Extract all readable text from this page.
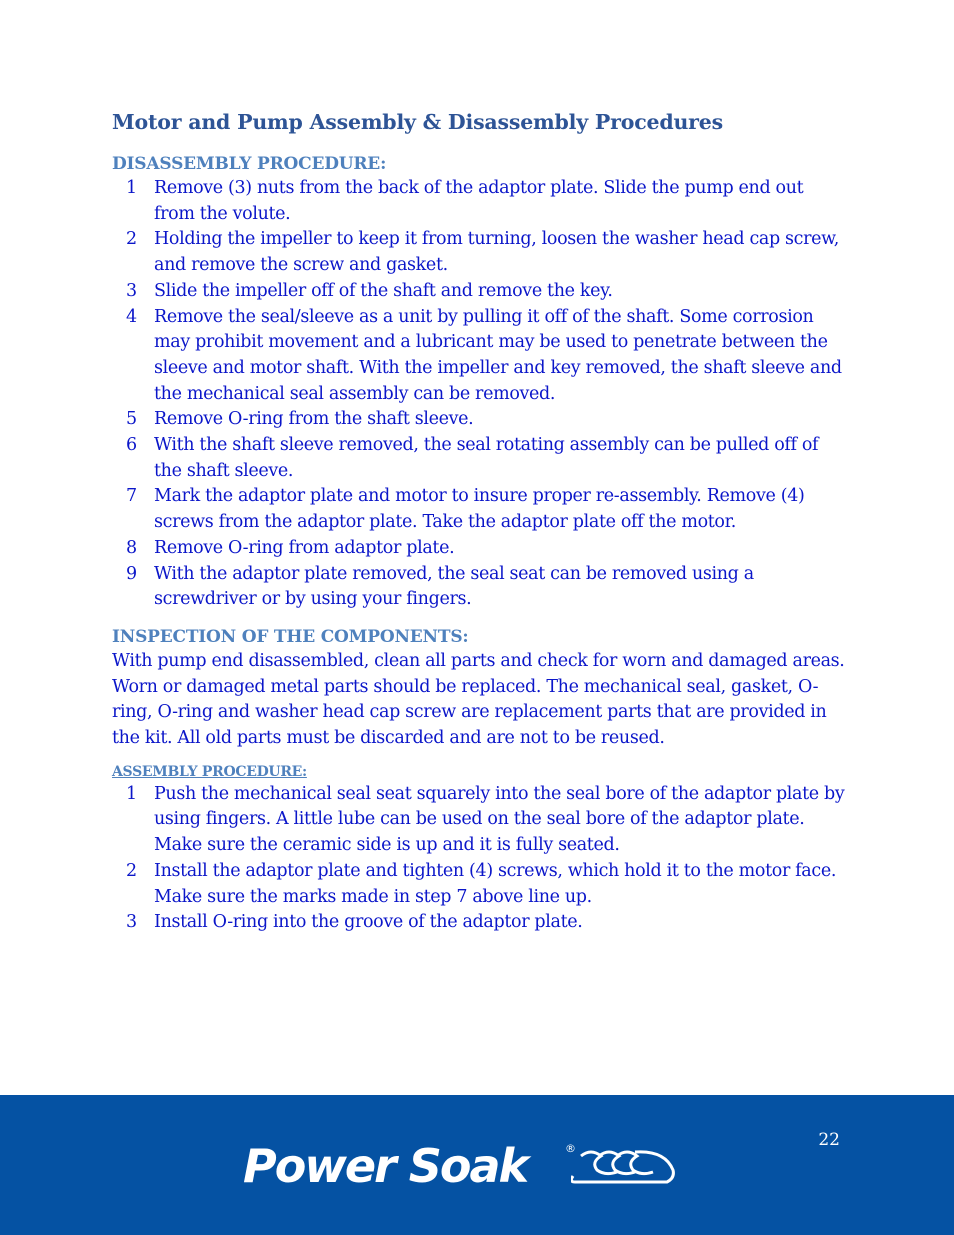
Motor and Pump Assembly & Disassembly Procedures
DISASSEMBLY PROCEDURE:
1 Remove (3) nuts from the back of the adaptor plate. Slide the pump end out from the volute.
2 Holding the impeller to keep it from turning, loosen the washer head cap screw, and remove the screw and gasket.
3 Slide the impeller off of the shaft and remove the key.
4 Remove the seal/sleeve as a unit by pulling it off of the shaft. Some corrosion may prohibit movement and a lubricant may be used to penetrate between the sleeve and motor shaft. With the impeller and key removed, the shaft sleeve and the mechanical seal assembly can be removed.
5 Remove O-ring from the shaft sleeve.
6 With the shaft sleeve removed, the seal rotating assembly can be pulled off of the shaft sleeve.
7 Mark the adaptor plate and motor to insure proper re-assembly. Remove (4) screws from the adaptor plate. Take the adaptor plate off the motor.
8 Remove O-ring from adaptor plate.
9 With the adaptor plate removed, the seal seat can be removed using a screwdriver or by using your fingers.
INSPECTION OF THE COMPONENTS:

With pump end disassembled, clean all parts and check for worn and damaged areas. Worn or damaged metal parts should be replaced. The mechanical seal, gasket, O-ring, O-ring and washer head cap screw are replacement parts that are provided in the kit. All old parts must be discarded and are not to be reused.

ASSEMBLY PROCEDURE:
1 Push the mechanical seal seat squarely into the seal bore of the adaptor plate by using fingers. A little lube can be used on the seal bore of the adaptor plate. Make sure the ceramic side is up and it is fully seated.
2 Install the adaptor plate and tighten (4) screws, which hold it to the motor face. Make sure the marks made in step 7 above line up.
3 Install O-ring into the groove of the adaptor plate.
22
Power Soak	®
